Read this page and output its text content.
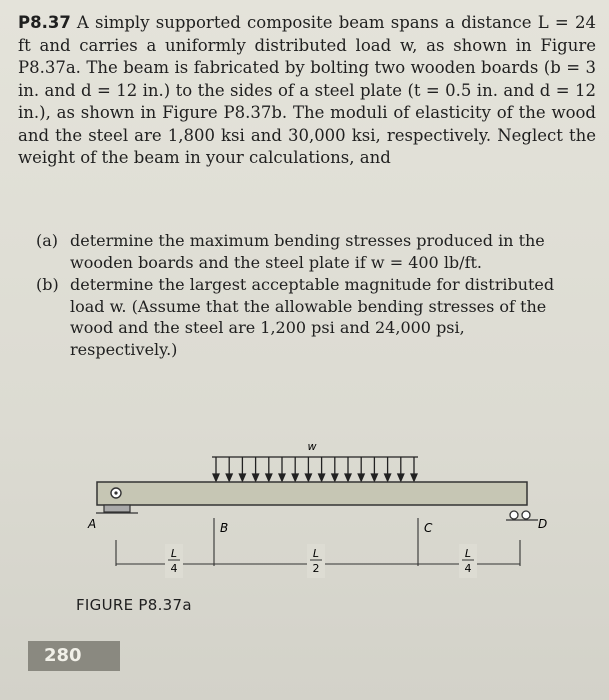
P8.37 A simply supported composite beam spans a distance L = 24 ft and carries a uniformly distributed load w, as shown in Figure P8.37a. The beam is fabricated by bolting two wooden boards (b = 3 in. and d = 12 in.) to the sides of a steel plate (t = 0.5 in. and d = 12 in.), as shown in Figure P8.37b. The moduli of elasticity of the wood and the steel are 1,800 ksi and 30,000 ksi, respectively. Neglect the weight of the beam in your calculations, and
(a) determine the maximum bending stresses produced in the wooden boards and the steel plate if w = 400 lb/ft.
(b) determine the largest acceptable magnitude for distributed load w. (Assume that the allowable bending stresses of the wood and the steel are 1,200 psi and 24,000 psi, respectively.)
w
A	D
B	C
L
4
L
2
L
4
FIGURE P8.37a
280
